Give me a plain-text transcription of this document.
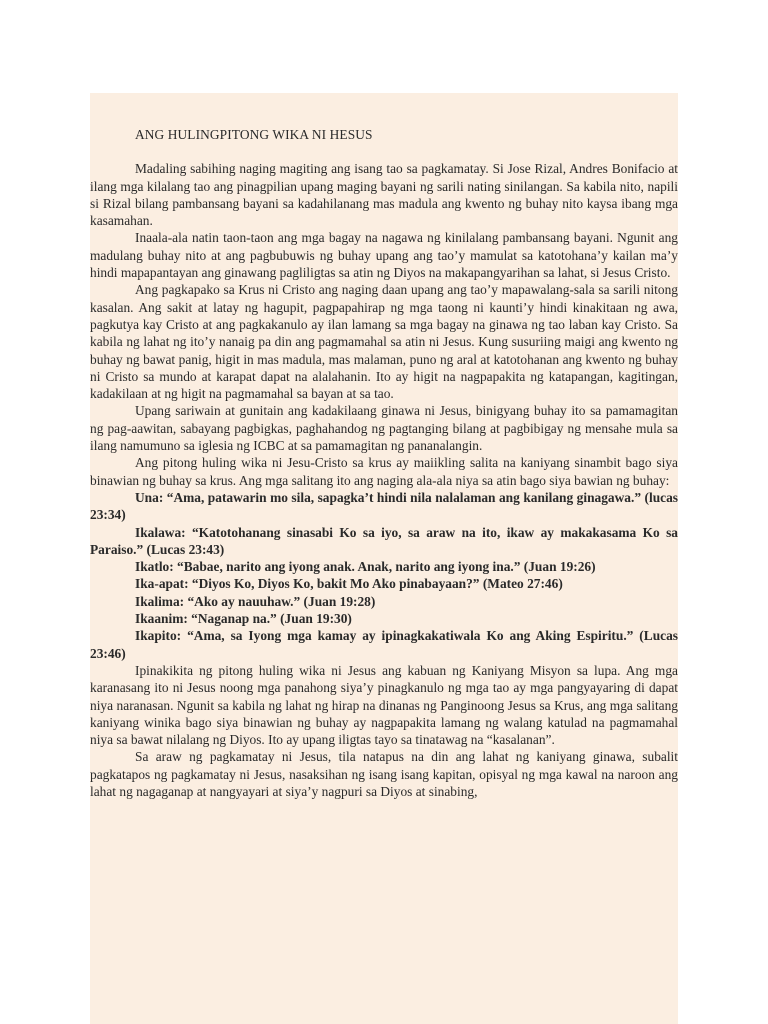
ANG HULINGPITONG WIKA NI HESUS

Madaling sabihing naging magiting ang isang tao sa pagkamatay. Si Jose Rizal, Andres Bonifacio at ilang mga kilalang tao ang pinagpilian upang maging bayani ng sarili nating sinilangan. Sa kabila nito, napili si Rizal bilang pambansang bayani sa kadahilanang mas madula ang kwento ng buhay nito kaysa ibang mga kasamahan.

Inaala-ala natin taon-taon ang mga bagay na nagawa ng kinilalang pambansang bayani. Ngunit ang madulang buhay nito at ang pagbubuwis ng buhay upang ang tao’y mamulat sa katotohana’y kailan ma’y hindi mapapantayan ang ginawang pagliligtas sa atin ng Diyos na makapangyarihan sa lahat, si Jesus Cristo.

Ang pagkapako sa Krus ni Cristo ang naging daan upang ang tao’y mapawalang-sala sa sarili nitong kasalan. Ang sakit at latay ng hagupit, pagpapahirap ng mga taong ni kaunti’y hindi kinakitaan ng awa, pagkutya kay Cristo at ang pagkakanulo ay ilan lamang sa mga bagay na ginawa ng tao laban kay Cristo. Sa kabila ng lahat ng ito’y nanaig pa din ang pagmamahal sa atin ni Jesus. Kung susuriing maigi ang kwento ng buhay ng bawat panig, higit in mas madula, mas malaman, puno ng aral at katotohanan ang kwento ng buhay ni Cristo sa mundo at karapat dapat na alalahanin. Ito ay higit na nagpapakita ng katapangan, kagitingan, kadakilaan at ng higit na pagmamahal sa bayan at sa tao.

Upang sariwain at gunitain ang kadakilaang ginawa ni Jesus, binigyang buhay ito sa pamamagitan ng pag-aawitan, sabayang pagbigkas, paghahandog ng pagtanging bilang at pagbibigay ng mensahe mula sa ilang namumuno sa iglesia ng ICBC at sa pamamagitan ng pananalangin.

Ang pitong huling wika ni Jesu-Cristo sa krus ay maiikling salita na kaniyang sinambit bago siya binawian ng buhay sa krus. Ang mga salitang ito ang naging ala-ala niya sa atin bago siya bawian ng buhay:

Una: “Ama, patawarin mo sila, sapagka’t hindi nila nalalaman ang kanilang ginagawa.” (lucas 23:34)

Ikalawa: “Katotohanang sinasabi Ko sa iyo, sa araw na ito, ikaw ay makakasama Ko sa Paraiso.” (Lucas 23:43)

Ikatlo: “Babae, narito ang iyong anak. Anak, narito ang iyong ina.” (Juan 19:26)

Ika-apat: “Diyos Ko, Diyos Ko, bakit Mo Ako pinabayaan?” (Mateo 27:46)

Ikalima: “Ako ay nauuhaw.” (Juan 19:28)

Ikaanim: “Naganap na.” (Juan 19:30)

Ikapito: “Ama, sa Iyong mga kamay ay ipinagkakatiwala Ko ang Aking Espiritu.” (Lucas 23:46)

Ipinakikita ng pitong huling wika ni Jesus ang kabuan ng Kaniyang Misyon sa lupa. Ang mga karanasang ito ni Jesus noong mga panahong siya’y pinagkanulo ng mga tao ay mga pangyayaring di dapat niya naranasan. Ngunit sa kabila ng lahat ng hirap na dinanas ng Panginoong Jesus sa Krus, ang mga salitang kaniyang winika bago siya binawian ng buhay ay nagpapakita lamang ng walang katulad na pagmamahal niya sa bawat nilalang ng Diyos. Ito ay upang iligtas tayo sa tinatawag na “kasalanan”.

Sa araw ng pagkamatay ni Jesus, tila natapus na din ang lahat ng kaniyang ginawa, subalit pagkatapos ng pagkamatay ni Jesus, nasaksihan ng isang isang kapitan, opisyal ng mga kawal na naroon ang lahat ng nagaganap at nangyayari at siya’y nagpuri sa Diyos at sinabing,
